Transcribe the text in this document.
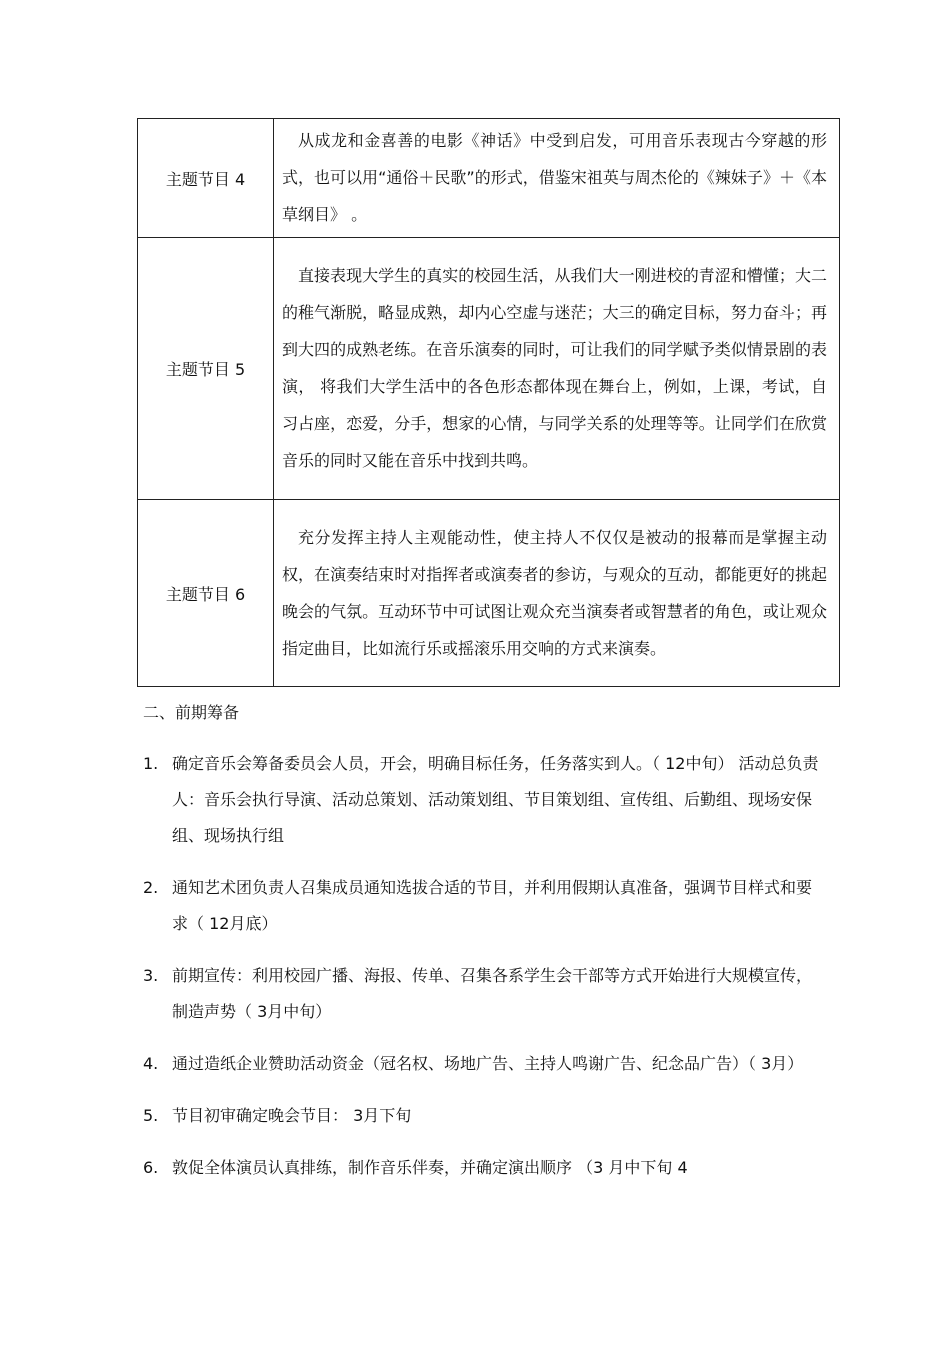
主题节目 4	从成龙和金喜善的电影《神话》中受到启发，可用音乐表现古今穿越的形式，也可以用“通俗＋民歌”的形式，借鉴宋祖英与周杰伦的《辣妹子》＋《本草纲目》 。
主题节目 5	直接表现大学生的真实的校园生活，从我们大一刚进校的青涩和懵懂；大二的稚气渐脱，略显成熟，却内心空虚与迷茫；大三的确定目标，努力奋斗；再到大四的成熟老练。在音乐演奏的同时，可让我们的同学赋予类似情景剧的表演， 将我们大学生活中的各色形态都体现在舞台上，例如，上课，考试，自习占座，恋爱，分手，想家的心情，与同学关系的处理等等。让同学们在欣赏音乐的同时又能在音乐中找到共鸣。
主题节目 6	充分发挥主持人主观能动性，使主持人不仅仅是被动的报幕而是掌握主动权，在演奏结束时对指挥者或演奏者的参访，与观众的互动，都能更好的挑起晚会的气氛。互动环节中可试图让观众充当演奏者或智慧者的角色，或让观众指定曲目，比如流行乐或摇滚乐用交响的方式来演奏。
二、前期筹备
1. 确定音乐会筹备委员会人员，开会，明确目标任务，任务落实到人。（ 12中旬） 活动总负责人：音乐会执行导演、活动总策划、活动策划组、节目策划组、宣传组、后勤组、现场安保组、现场执行组
2. 通知艺术团负责人召集成员通知选拔合适的节目，并利用假期认真准备，强调节目样式和要求（ 12月底）
3. 前期宣传：利用校园广播、海报、传单、召集各系学生会干部等方式开始进行大规模宣传，制造声势（ 3月中旬）
4. 通过造纸企业赞助活动资金（冠名权、场地广告、主持人鸣谢广告、纪念品广告）（ 3月）
5. 节目初审确定晚会节目： 3月下旬
6. 敦促全体演员认真排练，制作音乐伴奏，并确定演出顺序 （3 月中下旬 4
